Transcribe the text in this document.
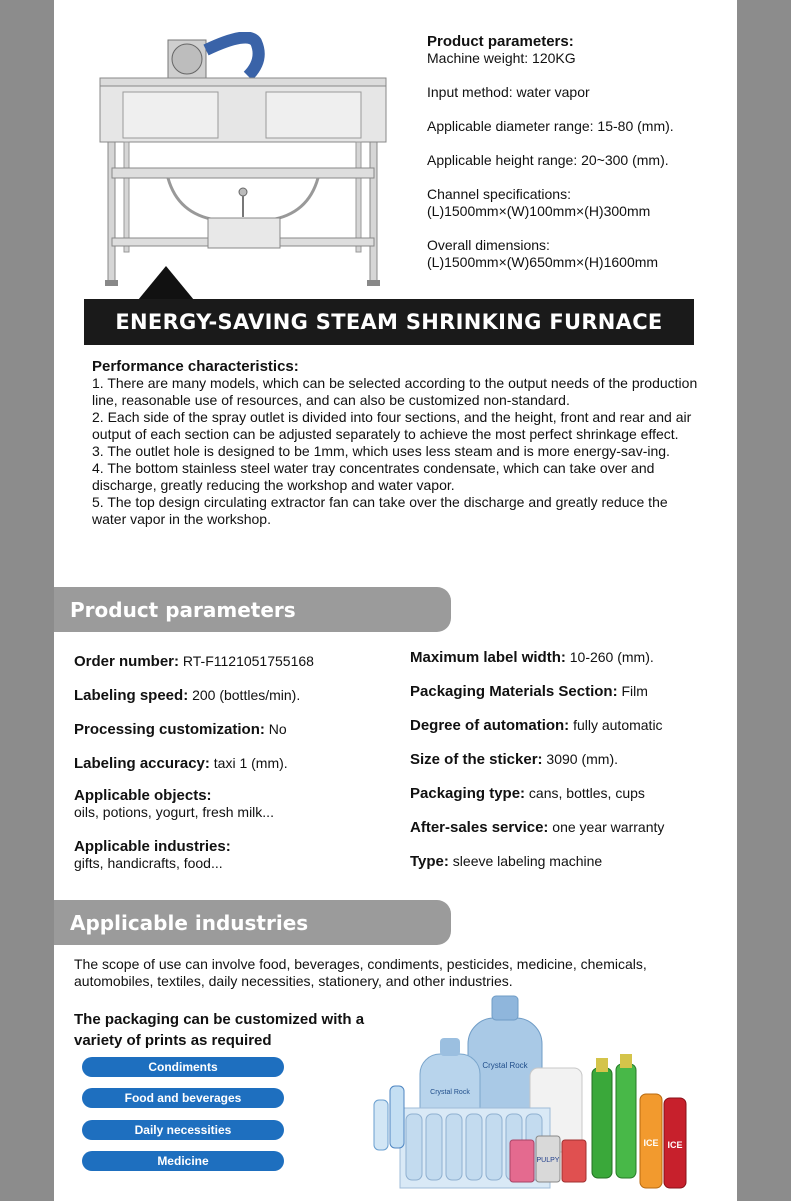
Product parameters:

Machine weight: 120KG

Input method: water vapor

Applicable diameter range: 15-80 (mm).

Applicable height range: 20~300 (mm).

Channel specifications:

(L)1500mm×(W)100mm×(H)300mm

Overall dimensions:

(L)1500mm×(W)650mm×(H)1600mm

ENERGY-SAVING STEAM SHRINKING FURNACE
Performance characteristics:

1. There are many models, which can be selected according to the output needs of the production line, reasonable use of resources, and can also be customized non-standard.

2. Each side of the spray outlet is divided into four sections, and the height, front and rear and air output of each section can be adjusted separately to achieve the most perfect shrinkage effect.

3. The outlet hole is designed to be 1mm, which uses less steam and is more energy-sav-ing.

4. The bottom stainless steel water tray concentrates condensate, which can take over and discharge, greatly reducing the workshop and water vapor.

5. The top design circulating extractor fan can take over the discharge and greatly reduce the water vapor in the workshop.

Product parameters
Order number: RT-F1121051755168
Labeling speed: 200 (bottles/min).
Processing customization: No
Labeling accuracy: taxi 1 (mm).
Applicable objects:
oils, potions, yogurt, fresh milk...
Applicable industries:
gifts, handicrafts, food...
Maximum label width: 10-260 (mm).
Packaging Materials Section: Film
Degree of automation: fully automatic
Size of the sticker: 3090 (mm).
Packaging type: cans, bottles, cups
After-sales service: one year warranty
Type: sleeve labeling machine
Applicable industries
The scope of use can involve food, beverages, condiments, pesticides, medicine, chemicals, automobiles, textiles, daily necessities, stationery, and other industries.
The packaging can be customized with a variety of prints as required
Condiments
Food and beverages
Daily necessities
Medicine
Crystal Rock
Crystal Rock
PULPY
ICE ICE
